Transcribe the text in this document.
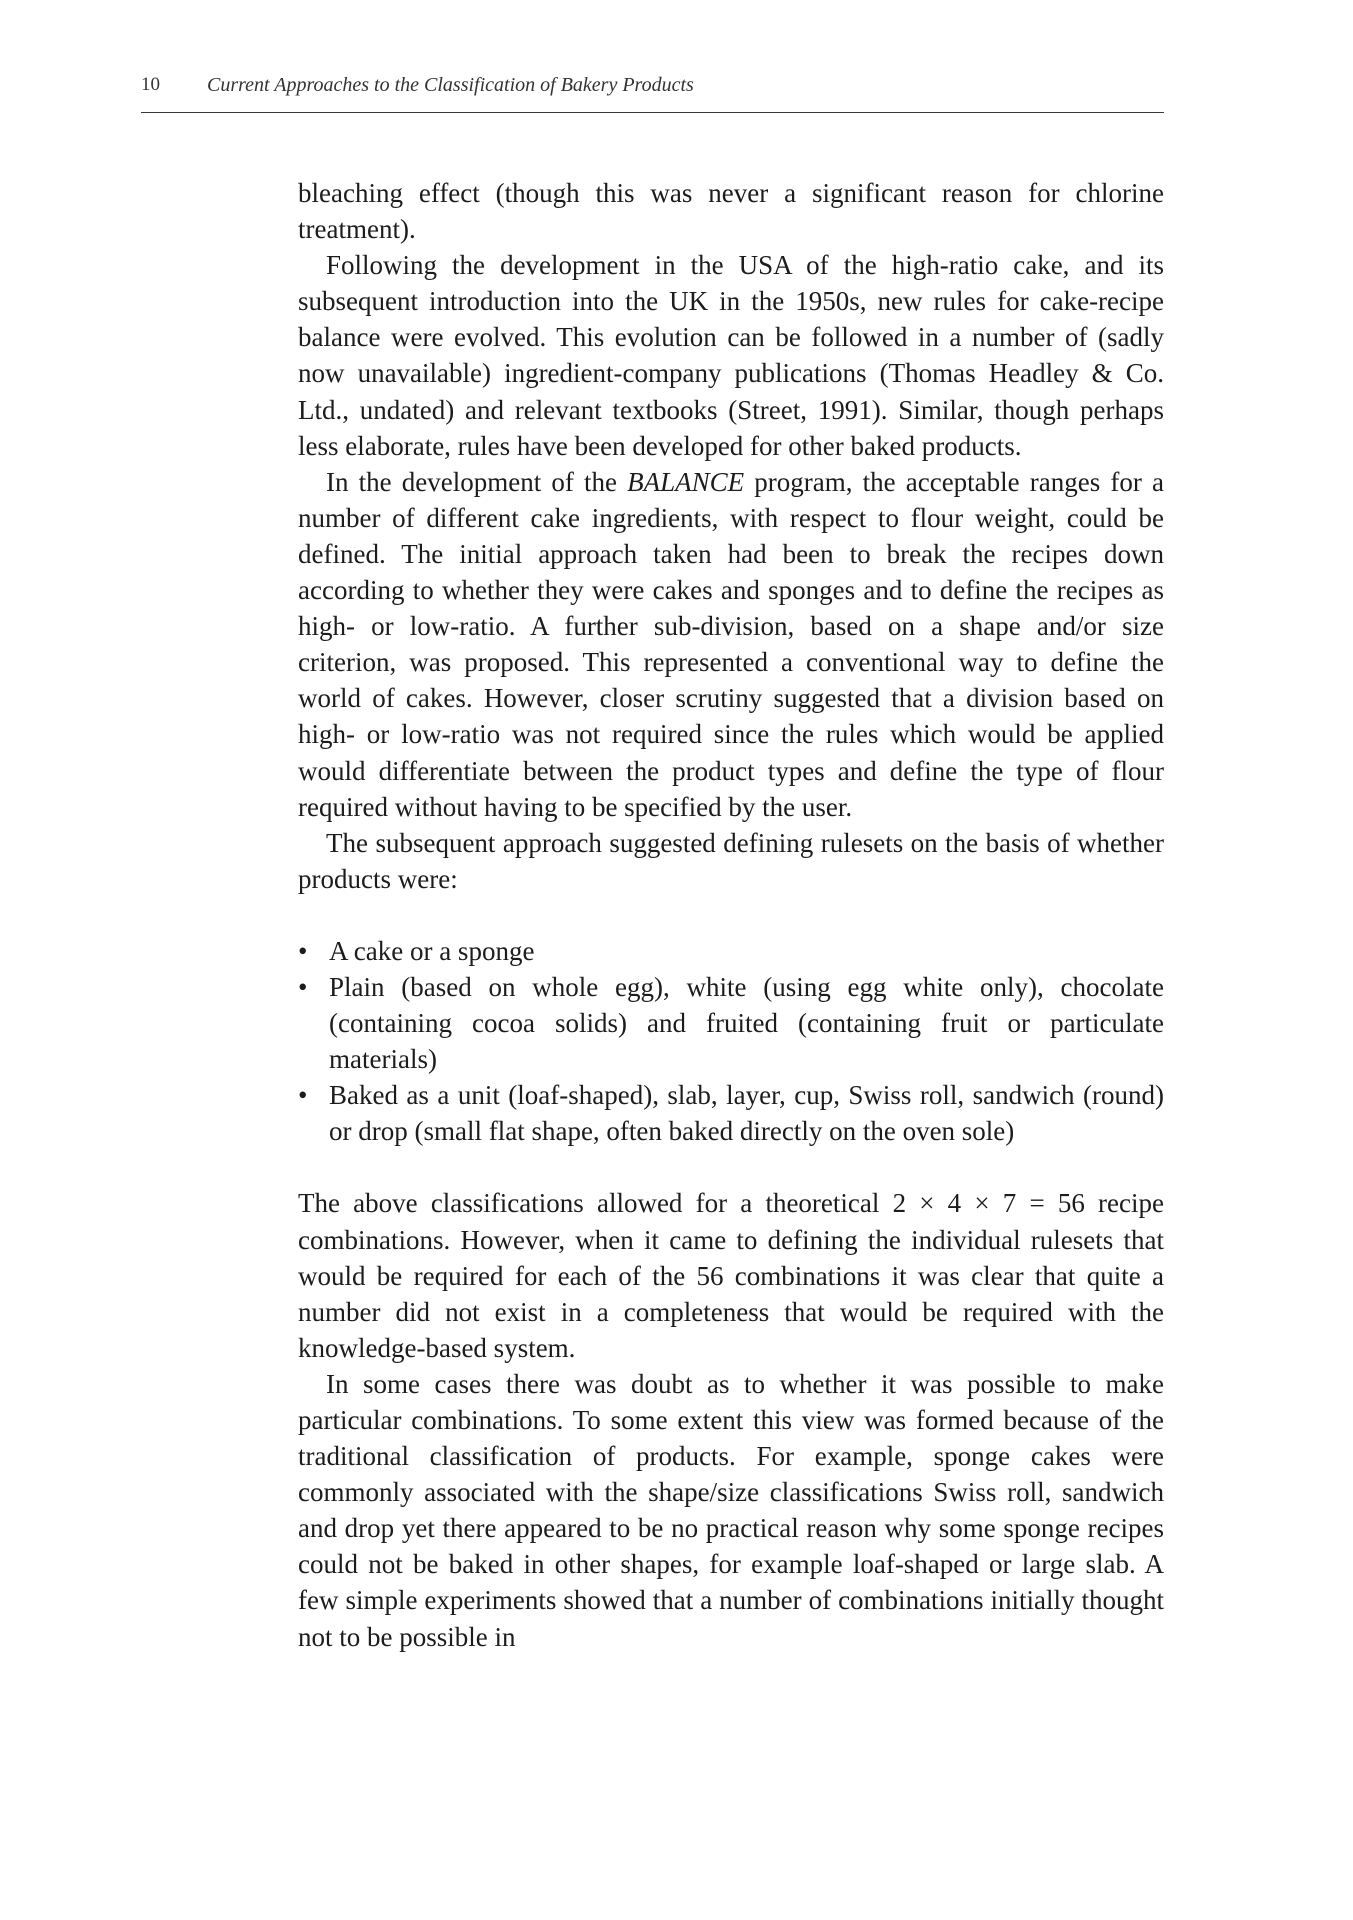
10 Current Approaches to the Classification of Bakery Products

bleaching effect (though this was never a significant reason for chlorine treatment).

Following the development in the USA of the high-ratio cake, and its subsequent introduction into the UK in the 1950s, new rules for cake-recipe balance were evolved. This evolution can be followed in a number of (sadly now unavailable) ingredient-company publications (Thomas Headley & Co. Ltd., undated) and relevant textbooks (Street, 1991). Similar, though perhaps less elaborate, rules have been developed for other baked products.

In the development of the BALANCE program, the acceptable ranges for a number of different cake ingredients, with respect to flour weight, could be defined. The initial approach taken had been to break the recipes down according to whether they were cakes and sponges and to define the recipes as high- or low-ratio. A further sub-division, based on a shape and/or size criterion, was proposed. This represented a conventional way to define the world of cakes. However, closer scrutiny suggested that a division based on high- or low-ratio was not required since the rules which would be applied would differentiate between the product types and define the type of flour required without having to be specified by the user.

The subsequent approach suggested defining rulesets on the basis of whether products were:

• A cake or a sponge
• Plain (based on whole egg), white (using egg white only), chocolate (containing cocoa solids) and fruited (containing fruit or particulate materials)
• Baked as a unit (loaf-shaped), slab, layer, cup, Swiss roll, sandwich (round) or drop (small flat shape, often baked directly on the oven sole)

The above classifications allowed for a theoretical 2 × 4 × 7 = 56 recipe combinations. However, when it came to defining the individual rulesets that would be required for each of the 56 combinations it was clear that quite a number did not exist in a completeness that would be required with the knowledge-based system.

In some cases there was doubt as to whether it was possible to make particular combinations. To some extent this view was formed because of the traditional classification of products. For example, sponge cakes were commonly associated with the shape/size classifications Swiss roll, sandwich and drop yet there appeared to be no practical reason why some sponge recipes could not be baked in other shapes, for example loaf-shaped or large slab. A few simple experiments showed that a number of combinations initially thought not to be possible in
